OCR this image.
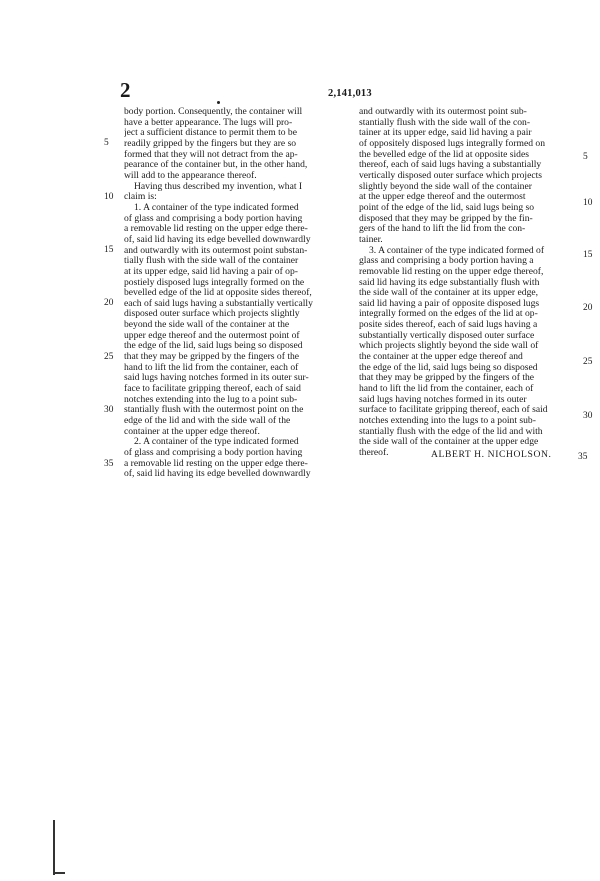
2	2,141,013
body portion. Consequently, the container will
have a better appearance. The lugs will pro-
ject a sufficient distance to permit them to be
readily gripped by the fingers but they are so
formed that they will not detract from the ap-
pearance of the container but, in the other hand,
will add to the appearance thereof.
Having thus described my invention, what I
claim is:
1. A container of the type indicated formed
of glass and comprising a body portion having
a removable lid resting on the upper edge there-
of, said lid having its edge bevelled downwardly
and outwardly with its outermost point substan-
tially flush with the side wall of the container
at its upper edge, said lid having a pair of op-
postiely disposed lugs integrally formed on the
bevelled edge of the lid at opposite sides thereof,
each of said lugs having a substantially vertically
disposed outer surface which projects slightly
beyond the side wall of the container at the
upper edge thereof and the outermost point of
the edge of the lid, said lugs being so disposed
that they may be gripped by the fingers of the
hand to lift the lid from the container, each of
said lugs having notches formed in its outer sur-
face to facilitate gripping thereof, each of said
notches extending into the lug to a point sub-
stantially flush with the outermost point on the
edge of the lid and with the side wall of the
container at the upper edge thereof.
2. A container of the type indicated formed
of glass and comprising a body portion having
a removable lid resting on the upper edge there-
of, said lid having its edge bevelled downwardly
and outwardly with its outermost point sub-
stantially flush with the side wall of the con-
tainer at its upper edge, said lid having a pair
of oppositely disposed lugs integrally formed on
the bevelled edge of the lid at opposite sides
thereof, each of said lugs having a substantially
vertically disposed outer surface which projects
slightly beyond the side wall of the container
at the upper edge thereof and the outermost
point of the edge of the lid, said lugs being so
disposed that they may be gripped by the fin-
gers of the hand to lift the lid from the con-
tainer.
3. A container of the type indicated formed of
glass and comprising a body portion having a
removable lid resting on the upper edge thereof,
said lid having its edge substantially flush with
the side wall of the container at its upper edge,
said lid having a pair of opposite disposed lugs
integrally formed on the edges of the lid at op-
posite sides thereof, each of said lugs having a
substantially vertically disposed outer surface
which projects slightly beyond the side wall of
the container at the upper edge thereof and
the edge of the lid, said lugs being so disposed
that they may be gripped by the fingers of the
hand to lift the lid from the container, each of
said lugs having notches formed in its outer
surface to facilitate gripping thereof, each of said
notches extending into the lugs to a point sub-
stantially flush with the edge of the lid and with
the side wall of the container at the upper edge
thereof.
5
10
15
20
25
30
35
5
10
15
20
25
30
ALBERT H. NICHOLSON.	35
